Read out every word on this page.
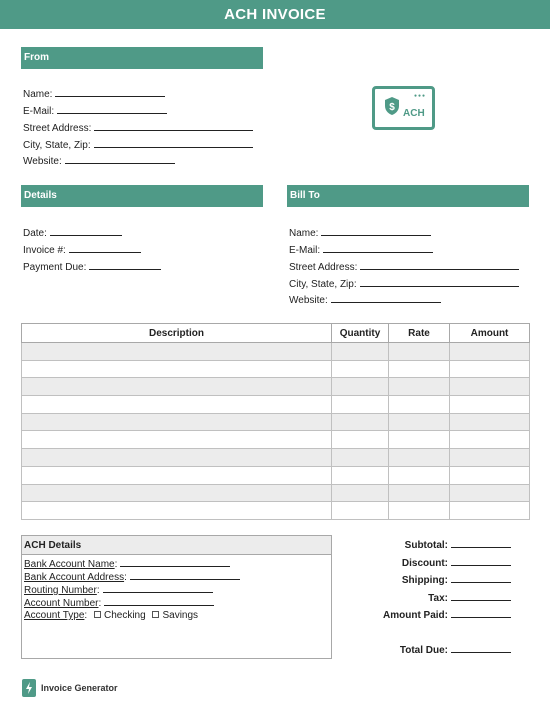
ACH INVOICE
From
Name:
E-Mail:
Street Address:
City, State, Zip:
Website:
●●●
$
ACH
Details
Date:
Invoice #:
Payment Due:
Bill To
Name:
E-Mail:
Street Address:
City, State, Zip:
Website:
Description	Quantity	Rate	Amount

ACH Details
Bank Account Name:
Bank Account Address:
Routing Number:
Account Number:
Account Type: Checking Savings
Subtotal:
Discount:
Shipping:
Tax:
Amount Paid:
Total Due:
Invoice Generator
